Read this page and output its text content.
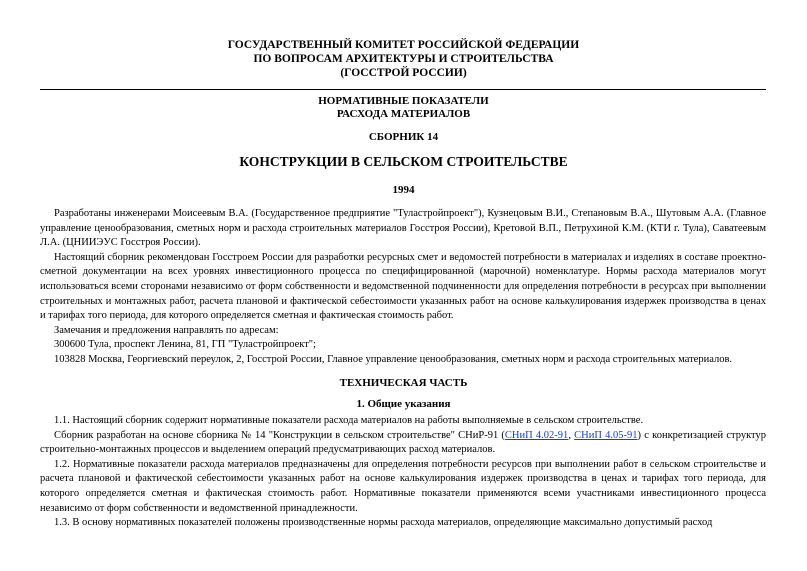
ГОСУДАРСТВЕННЫЙ КОМИТЕТ РОССИЙСКОЙ ФЕДЕРАЦИИ
ПО ВОПРОСАМ АРХИТЕКТУРЫ И СТРОИТЕЛЬСТВА
(ГОССТРОЙ РОССИИ)
НОРМАТИВНЫЕ ПОКАЗАТЕЛИ
РАСХОДА МАТЕРИАЛОВ
СБОРНИК 14
КОНСТРУКЦИИ В СЕЛЬСКОМ СТРОИТЕЛЬСТВЕ
1994

Разработаны инженерами Моисеевым В.А. (Государственное предприятие "Туластройпроект"), Кузнецовым В.И., Степановым В.А., Шутовым А.А. (Главное управление ценообразования, сметных норм и расхода строительных материалов Госстроя России), Кретовой В.П., Петрухиной К.М. (КТИ г. Тула), Саватеевым Л.А. (ЦНИИЭУС Госстроя России).

Настоящий сборник рекомендован Госстроем России для разработки ресурсных смет и ведомостей потребности в материалах и изделиях в составе проектно-сметной документации на всех уровнях инвестиционного процесса по специфицированной (марочной) номенклатуре. Нормы расхода материалов могут использоваться всеми сторонами независимо от форм собственности и ведомственной подчиненности для определения потребности в ресурсах при выполнении строительных и монтажных работ, расчета плановой и фактической себестоимости указанных работ на основе калькулирования издержек производства в ценах и тарифах того периода, для которого определяется сметная и фактическая стоимость работ.

Замечания и предложения направлять по адресам:

300600 Тула, проспект Ленина, 81, ГП "Туластройпроект";

103828 Москва, Георгиевский переулок, 2, Госстрой России, Главное управление ценообразования, сметных норм и расхода строительных материалов.

ТЕХНИЧЕСКАЯ ЧАСТЬ
1. Общие указания

1.1. Настоящий сборник содержит нормативные показатели расхода материалов на работы выполняемые в сельском строительстве.

Сборник разработан на основе сборника № 14 "Конструкции в сельском строительстве" СНиР-91 (СНиП 4.02-91, СНиП 4.05-91) с конкретизацией структур строительно-монтажных процессов и выделением операций предусматривающих расход материалов.

1.2. Нормативные показатели расхода материалов предназначены для определения потребности ресурсов при выполнении работ в сельском строительстве и расчета плановой и фактической себестоимости указанных работ на основе калькулирования издержек производства в ценах и тарифах того периода, для которого определяется сметная и фактическая стоимость работ. Нормативные показатели применяются всеми участниками инвестиционного процесса независимо от форм собственности и ведомственной принадлежности.

1.3. В основу нормативных показателей положены производственные нормы расхода материалов, определяющие максимально допустимый расход
